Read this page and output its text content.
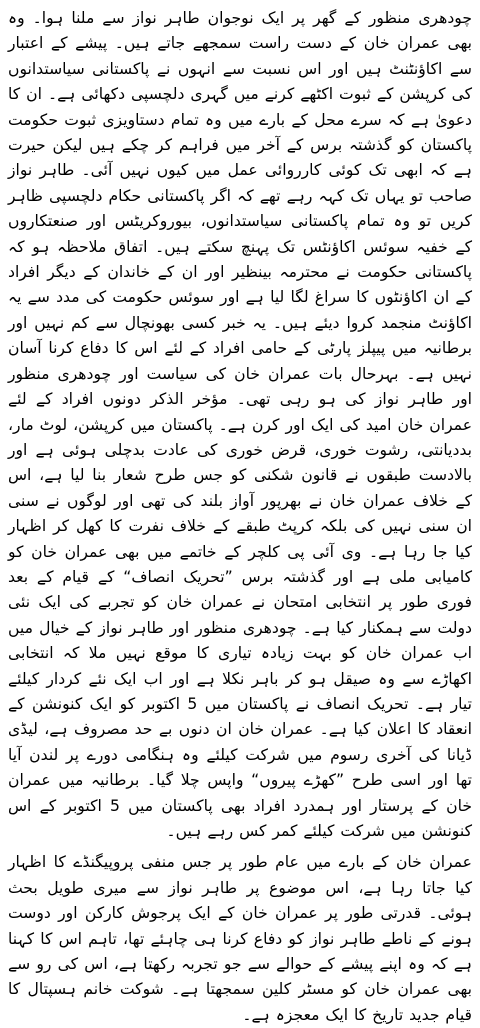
چودھری منظور کے گھر پر ایک نوجوان طاہر نواز سے ملنا ہوا۔ وہ بھی عمران خان کے دست راست سمجھے جاتے ہیں۔ پیشے کے اعتبار سے اکاؤنٹنٹ ہیں اور اس نسبت سے انہوں نے پاکستانی سیاستدانوں کی کرپشن کے ثبوت اکٹھے کرنے میں گہری دلچسپی دکھائی ہے۔ ان کا دعویٰ ہے کہ سرے محل کے بارے میں وہ تمام دستاویزی ثبوت حکومت پاکستان کو گذشتہ برس کے آخر میں فراہم کر چکے ہیں لیکن حیرت ہے کہ ابھی تک کوئی کارروائی عمل میں کیوں نہیں آئی۔ طاہر نواز صاحب تو یہاں تک کہہ رہے تھے کہ اگر پاکستانی حکام دلچسپی ظاہر کریں تو وہ تمام پاکستانی سیاستدانوں، بیوروکریٹس اور صنعتکاروں کے خفیہ سوئس اکاؤنٹس تک پہنچ سکتے ہیں۔ اتفاق ملاحظہ ہو کہ پاکستانی حکومت نے محترمہ بینظیر اور ان کے خاندان کے دیگر افراد کے ان اکاؤنٹوں کا سراغ لگا لیا ہے اور سوئس حکومت کی مدد سے یہ اکاؤنٹ منجمد کروا دیئے ہیں۔ یہ خبر کسی بھونچال سے کم نہیں اور برطانیہ میں پیپلز پارٹی کے حامی افراد کے لئے اس کا دفاع کرنا آسان نہیں ہے۔ بہرحال بات عمران خان کی سیاست اور چودھری منظور اور طاہر نواز کی ہو رہی تھی۔ مؤخر الذکر دونوں افراد کے لئے عمران خان امید کی ایک اور کرن ہے۔ پاکستان میں کرپشن، لوٹ مار، بددیانتی، رشوت خوری، قرض خوری کی عادت بدچلی ہوئی ہے اور بالادست طبقوں نے قانون شکنی کو جس طرح شعار بنا لیا ہے، اس کے خلاف عمران خان نے بھرپور آواز بلند کی تھی اور لوگوں نے سنی ان سنی نہیں کی بلکہ کرپٹ طبقے کے خلاف نفرت کا کھل کر اظہار کیا جا رہا ہے۔ وی آئی پی کلچر کے خاتمے میں بھی عمران خان کو کامیابی ملی ہے اور گذشتہ برس ”تحریک انصاف“ کے قیام کے بعد فوری طور پر انتخابی امتحان نے عمران خان کو تجربے کی ایک نئی دولت سے ہمکنار کیا ہے۔ چودھری منظور اور طاہر نواز کے خیال میں اب عمران خان کو بہت زیادہ تیاری کا موقع نہیں ملا کہ انتخابی اکھاڑے سے وہ صیقل ہو کر باہر نکلا ہے اور اب ایک نئے کردار کیلئے تیار ہے۔ تحریک انصاف نے پاکستان میں 5 اکتوبر کو ایک کنونشن کے انعقاد کا اعلان کیا ہے۔ عمران خان ان دنوں بے حد مصروف ہے، لیڈی ڈیانا کی آخری رسوم میں شرکت کیلئے وہ ہنگامی دورے پر لندن آیا تھا اور اسی طرح ”کھڑے پیروں“ واپس چلا گیا۔ برطانیہ میں عمران خان کے پرستار اور ہمدرد افراد بھی پاکستان میں 5 اکتوبر کے اس کنونشن میں شرکت کیلئے کمر کس رہے ہیں۔

عمران خان کے بارے میں عام طور پر جس منفی پروپیگنڈے کا اظہار کیا جاتا رہا ہے، اس موضوع پر طاہر نواز سے میری طویل بحث ہوئی۔ قدرتی طور پر عمران خان کے ایک پرجوش کارکن اور دوست ہونے کے ناطے طاہر نواز کو دفاع کرنا ہی چاہئے تھا، تاہم اس کا کہنا ہے کہ وہ اپنے پیشے کے حوالے سے جو تجربہ رکھتا ہے، اس کی رو سے بھی عمران خان کو مسٹر کلین سمجھتا ہے۔ شوکت خانم ہسپتال کا قیام جدید تاریخ کا ایک معجزہ ہے۔
